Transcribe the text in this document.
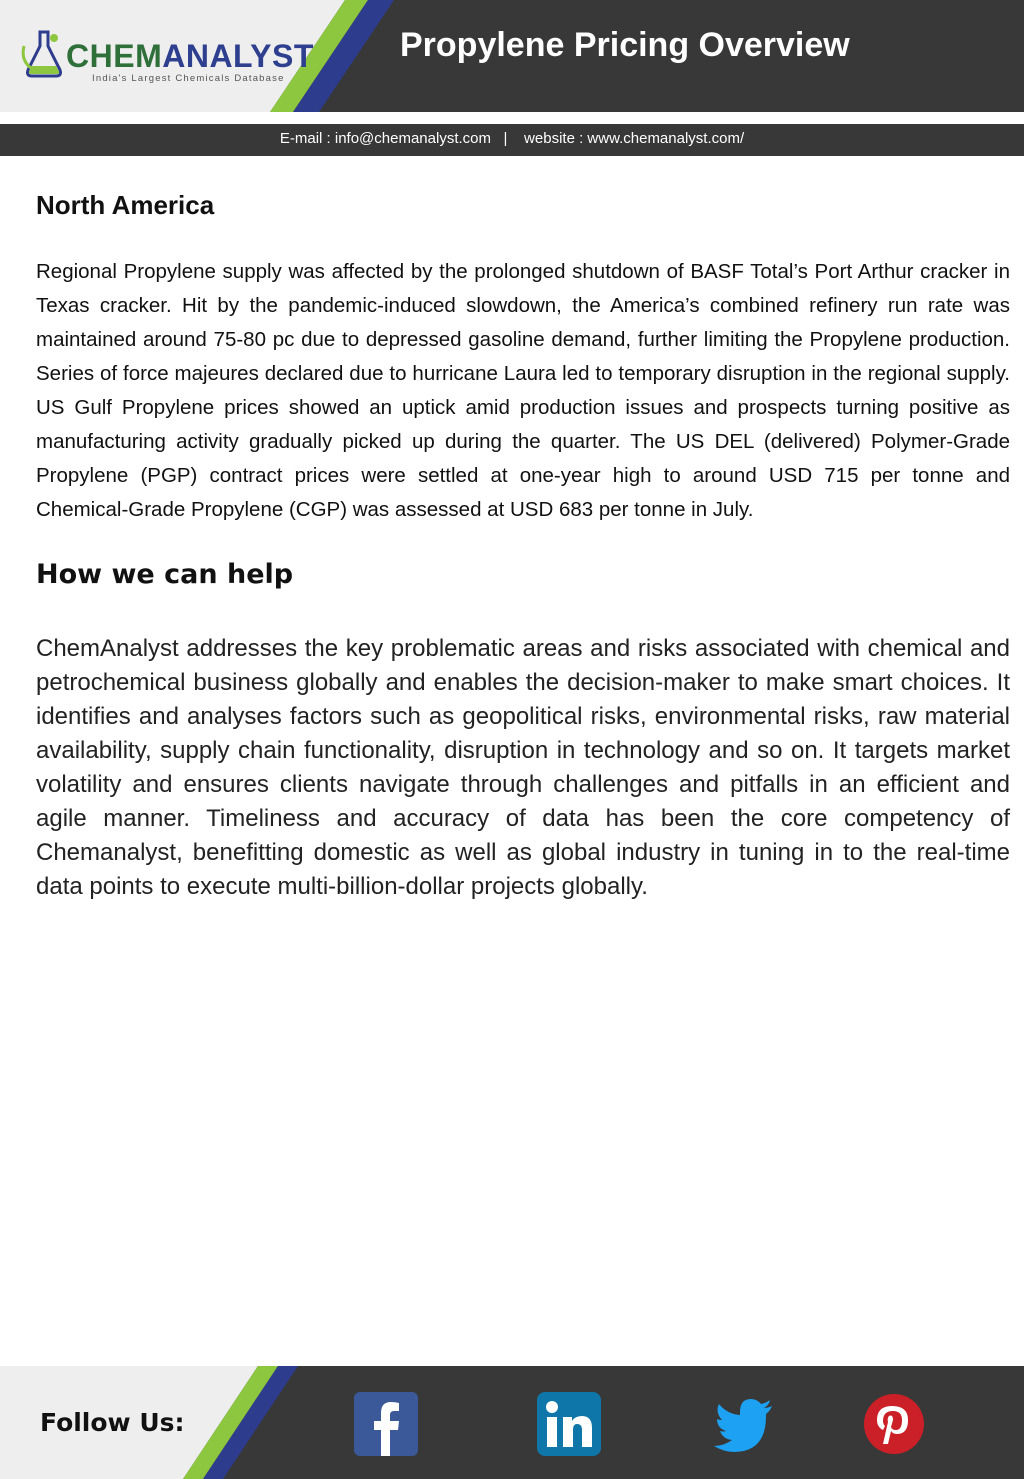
CHEMANALYST
India's Largest Chemicals Database
Propylene Pricing Overview
E-mail : info@chemanalyst.com   |    website : www.chemanalyst.com/
North America

Regional Propylene supply was affected by the prolonged shutdown of BASF Total’s Port Arthur cracker in Texas cracker. Hit by the pandemic-induced slowdown, the America’s combined refinery run rate was maintained around 75-80 pc due to depressed gasoline demand, further limiting the Propylene production. Series of force majeures declared due to hurricane Laura led to temporary disruption in the regional supply. US Gulf Propylene prices showed an uptick amid production issues and prospects turning positive as manufacturing activity gradually picked up during the quarter. The US DEL (delivered) Polymer-Grade Propylene (PGP) contract prices were settled at one-year high to around USD 715 per tonne and Chemical-Grade Propylene (CGP) was assessed at USD 683 per tonne in July.

How we can help

ChemAnalyst addresses the key problematic areas and risks associated with chemical and petrochemical business globally and enables the decision-maker to make smart choices. It identifies and analyses factors such as geopolitical risks, environmental risks, raw material availability, supply chain functionality, disruption in technology and so on. It targets market volatility and ensures clients navigate through challenges and pitfalls in an efficient and agile manner. Timeliness and accuracy of data has been the core competency of Chemanalyst, benefitting domestic as well as global industry in tuning in to the real-time data points to execute multi-billion-dollar projects globally.

Follow Us:
